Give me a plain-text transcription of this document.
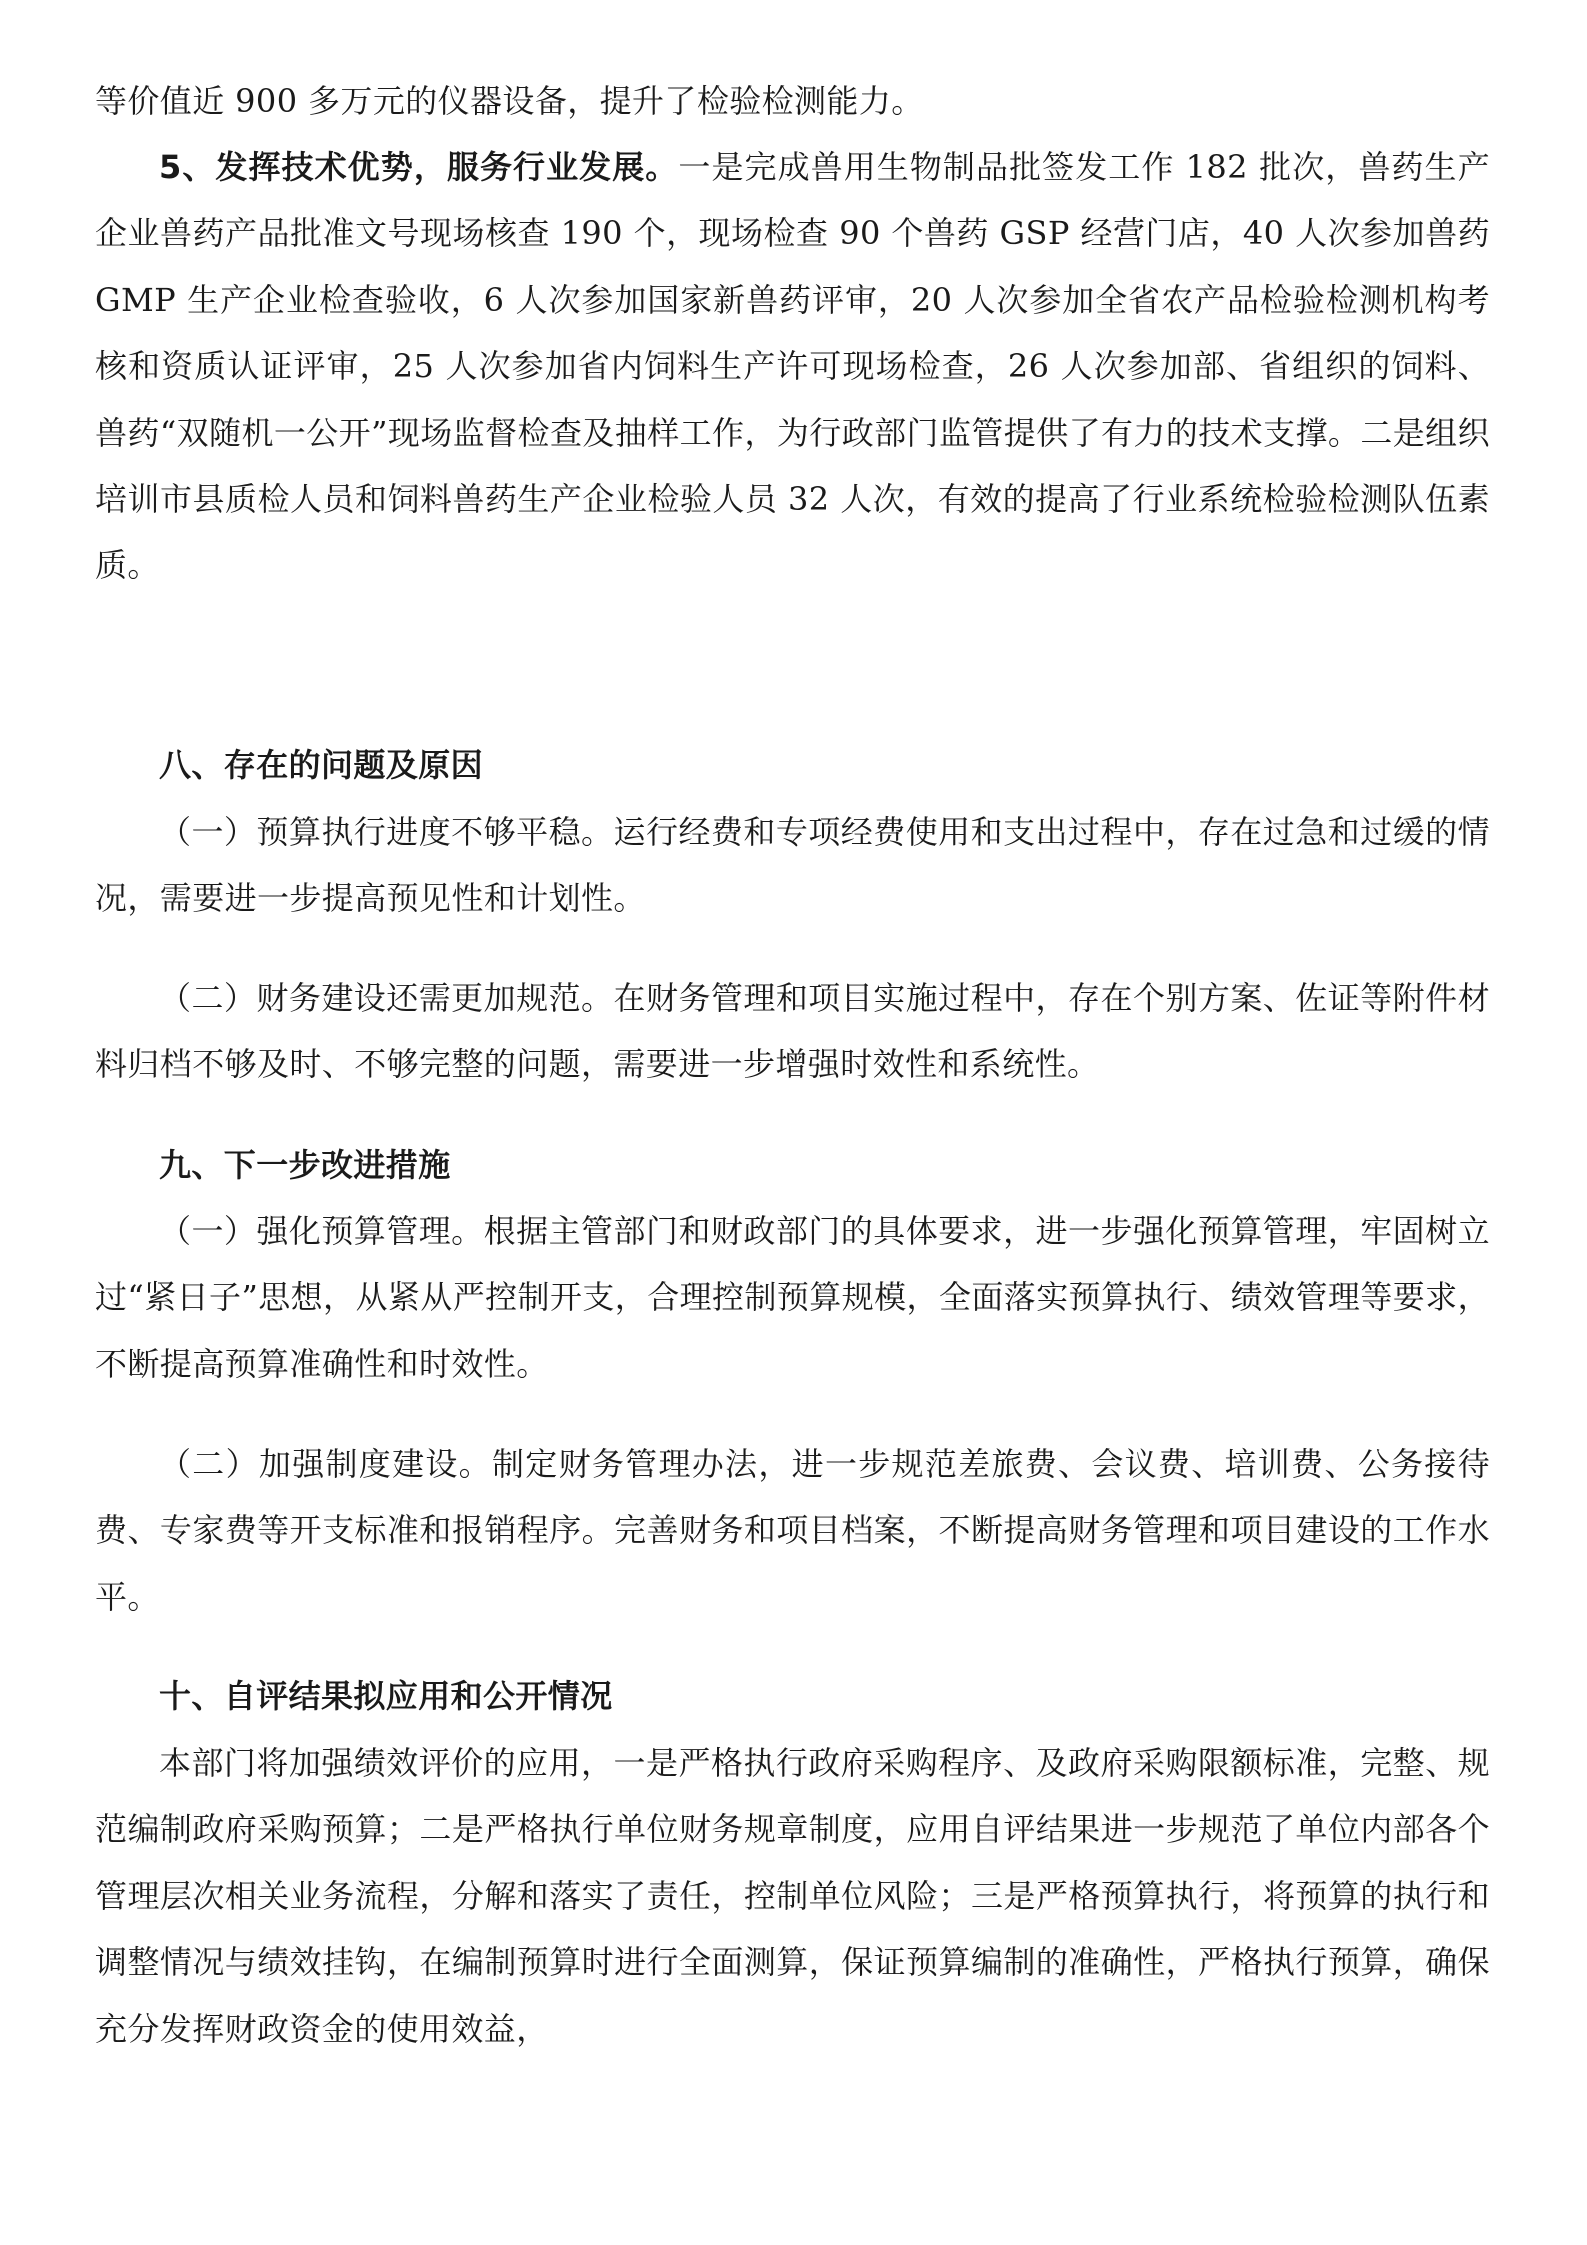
等价值近 900 多万元的仪器设备，提升了检验检测能力。

5、发挥技术优势，服务行业发展。一是完成兽用生物制品批签发工作 182 批次，兽药生产企业兽药产品批准文号现场核查 190 个，现场检查 90 个兽药 GSP 经营门店，40 人次参加兽药 GMP 生产企业检查验收，6 人次参加国家新兽药评审，20 人次参加全省农产品检验检测机构考核和资质认证评审，25 人次参加省内饲料生产许可现场检查，26 人次参加部、省组织的饲料、兽药“双随机一公开”现场监督检查及抽样工作，为行政部门监管提供了有力的技术支撑。二是组织培训市县质检人员和饲料兽药生产企业检验人员 32 人次，有效的提高了行业系统检验检测队伍素质。

八、存在的问题及原因

（一）预算执行进度不够平稳。运行经费和专项经费使用和支出过程中，存在过急和过缓的情况，需要进一步提高预见性和计划性。

（二）财务建设还需更加规范。在财务管理和项目实施过程中，存在个别方案、佐证等附件材料归档不够及时、不够完整的问题，需要进一步增强时效性和系统性。

九、下一步改进措施

（一）强化预算管理。根据主管部门和财政部门的具体要求，进一步强化预算管理，牢固树立过“紧日子”思想，从紧从严控制开支，合理控制预算规模，全面落实预算执行、绩效管理等要求，不断提高预算准确性和时效性。

（二）加强制度建设。制定财务管理办法，进一步规范差旅费、会议费、培训费、公务接待费、专家费等开支标准和报销程序。完善财务和项目档案，不断提高财务管理和项目建设的工作水平。

十、自评结果拟应用和公开情况

本部门将加强绩效评价的应用，一是严格执行政府采购程序、及政府采购限额标准，完整、规范编制政府采购预算；二是严格执行单位财务规章制度，应用自评结果进一步规范了单位内部各个管理层次相关业务流程，分解和落实了责任，控制单位风险；三是严格预算执行，将预算的执行和调整情况与绩效挂钩，在编制预算时进行全面测算，保证预算编制的准确性，严格执行预算，确保充分发挥财政资金的使用效益，
